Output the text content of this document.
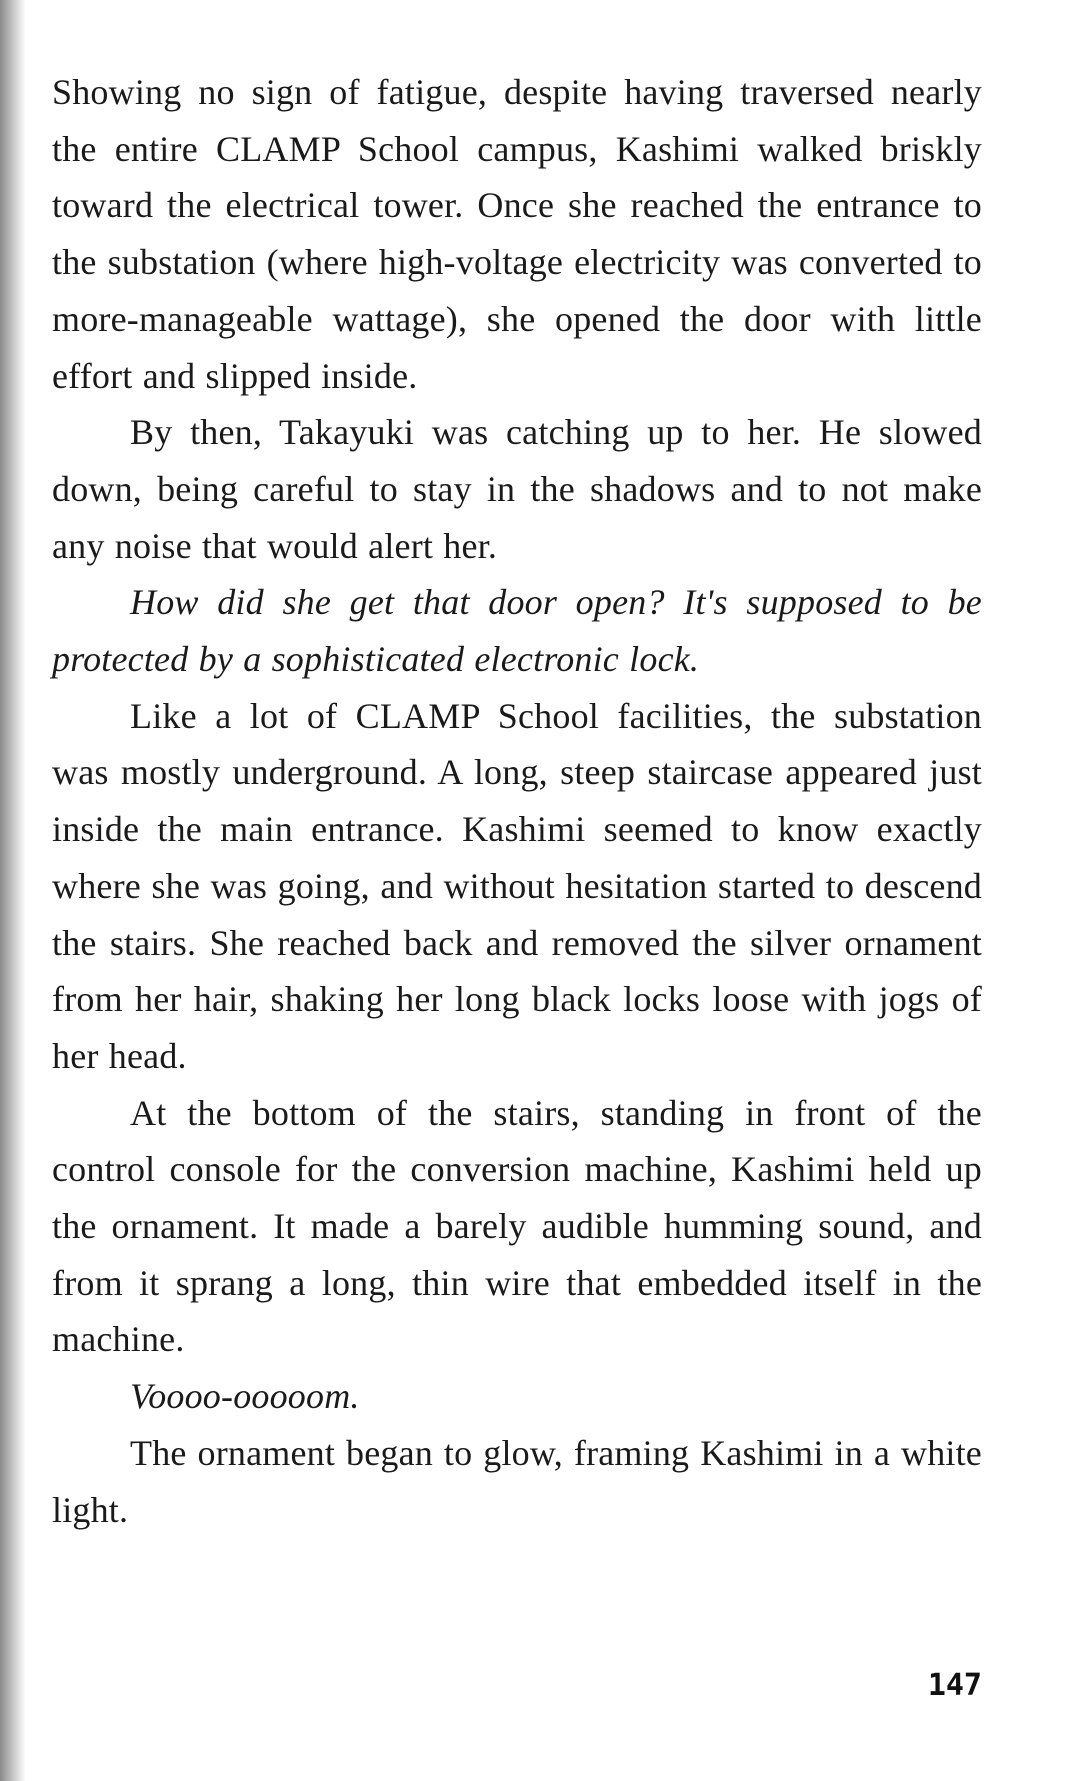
Showing no sign of fatigue, despite having traversed nearly the entire CLAMP School campus, Kashimi walked briskly toward the electrical tower. Once she reached the entrance to the substation (where high-voltage electricity was converted to more-manageable wattage), she opened the door with little effort and slipped inside.

By then, Takayuki was catching up to her. He slowed down, being careful to stay in the shadows and to not make any noise that would alert her.

How did she get that door open? It's supposed to be protected by a sophisticated electronic lock.

Like a lot of CLAMP School facilities, the substation was mostly underground. A long, steep staircase appeared just inside the main entrance. Kashimi seemed to know exactly where she was going, and without hesitation started to descend the stairs. She reached back and removed the silver ornament from her hair, shaking her long black locks loose with jogs of her head.

At the bottom of the stairs, standing in front of the control console for the conversion machine, Kashimi held up the ornament. It made a barely audible humming sound, and from it sprang a long, thin wire that embedded itself in the machine.

Voooo-ooooom.

The ornament began to glow, framing Kashimi in a white light.

147
